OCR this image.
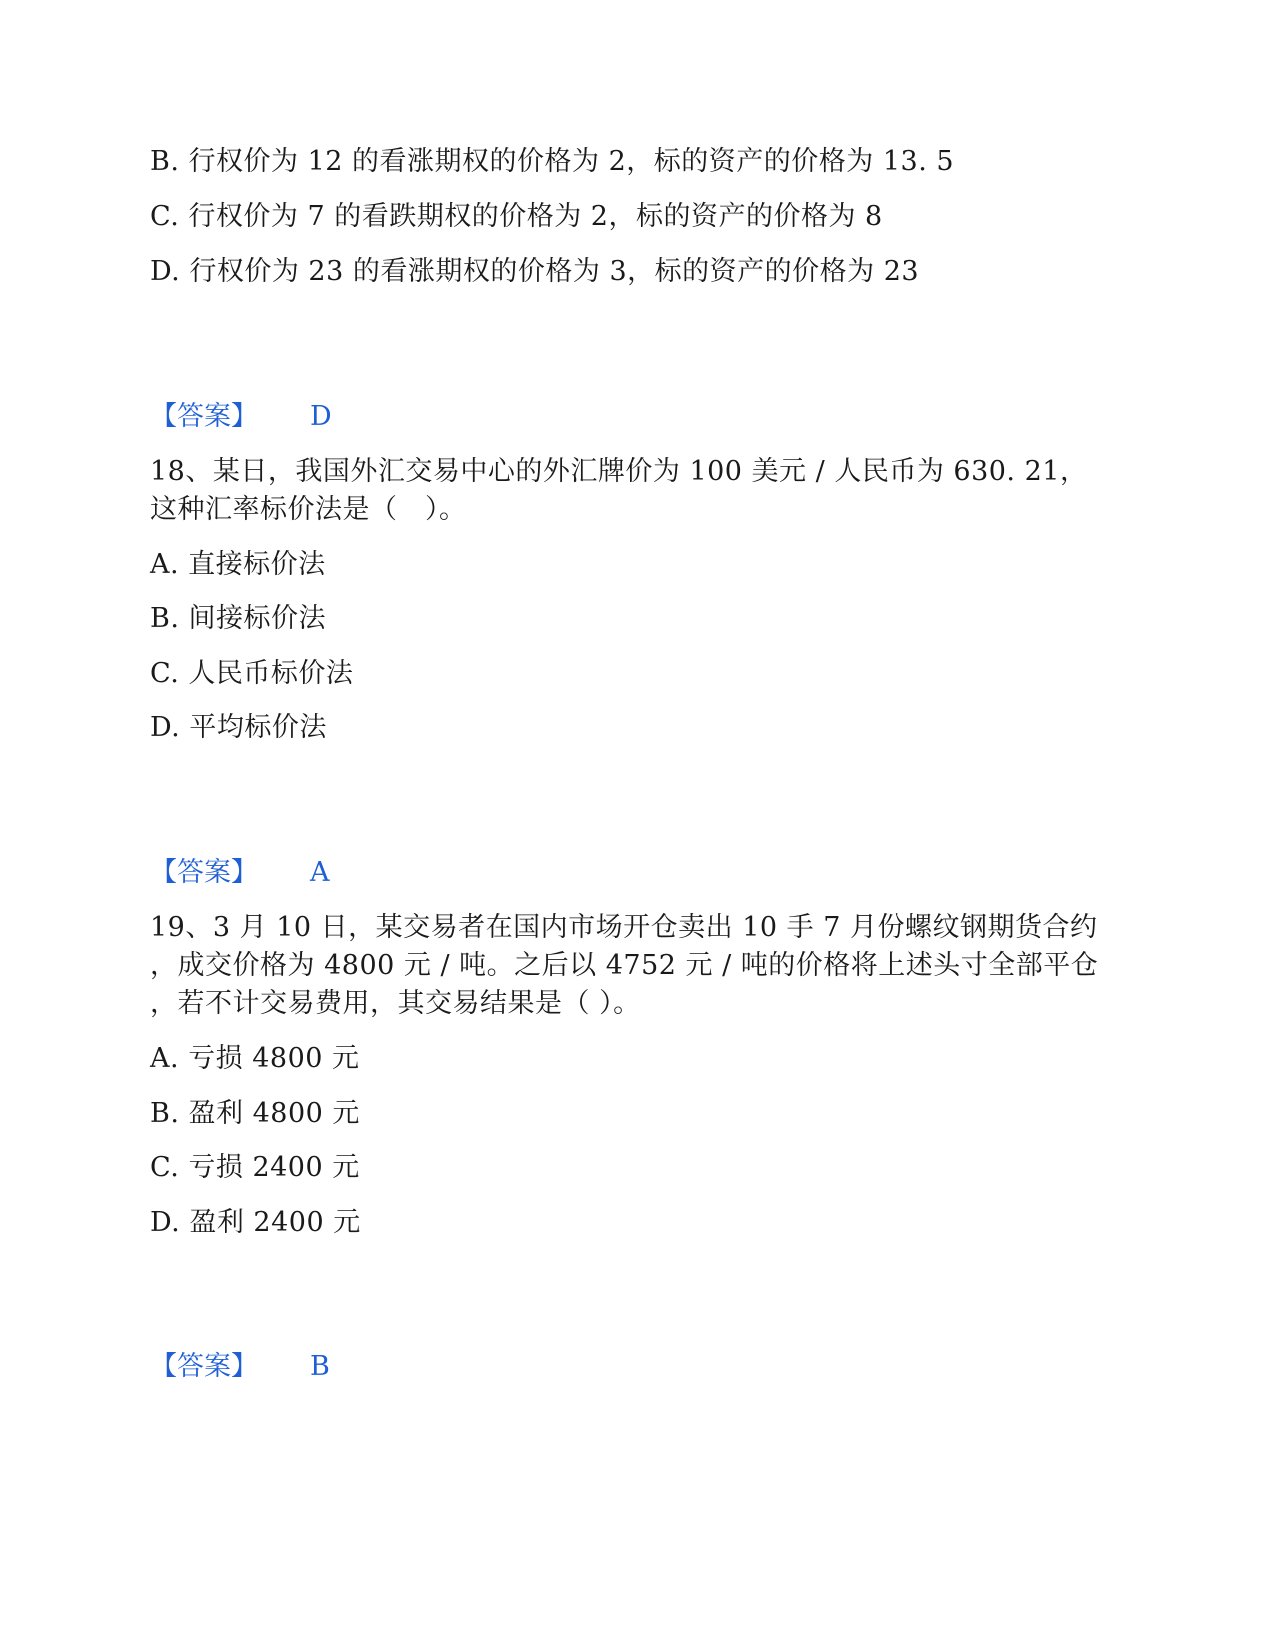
B. 行权价为 12 的看涨期权的价格为 2，标的资产的价格为 13. 5
C. 行权价为 7 的看跌期权的价格为 2，标的资产的价格为 8
D. 行权价为 23 的看涨期权的价格为 3，标的资产的价格为 23
【答案】 D
18、某日，我国外汇交易中心的外汇牌价为 100 美元 / 人民币为 630. 21，
这种汇率标价法是（　）。
A. 直接标价法
B. 间接标价法
C. 人民币标价法
D. 平均标价法
【答案】 A
19、3 月 10 日，某交易者在国内市场开仓卖出 10 手 7 月份螺纹钢期货合约
，成交价格为 4800 元 / 吨。之后以 4752 元 / 吨的价格将上述头寸全部平仓
，若不计交易费用，其交易结果是（ ）。
A. 亏损 4800 元
B. 盈利 4800 元
C. 亏损 2400 元
D. 盈利 2400 元
【答案】 B
